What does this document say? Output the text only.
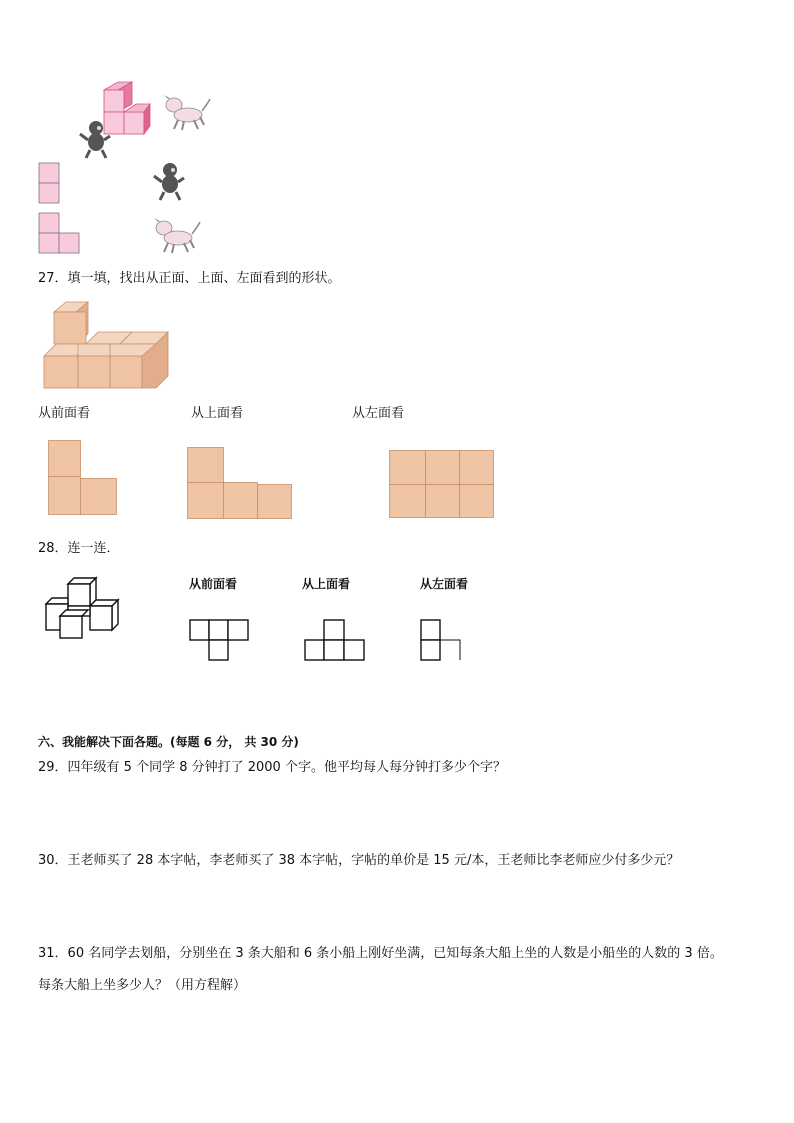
27．填一填，找出从正面、上面、左面看到的形状。
从前面看	从上面看	从左面看
28．连一连．
从前面看	从上面看	从左面看
六、我能解决下面各题。(每题 6 分， 共 30 分)
29．四年级有 5 个同学 8 分钟打了 2000 个字。他平均每人每分钟打多少个字？
30．王老师买了 28 本字帖，李老师买了 38 本字帖，字帖的单价是 15 元/本，王老师比李老师应少付多少元？
31．60 名同学去划船，分别坐在 3 条大船和 6 条小船上刚好坐满，已知每条大船上坐的人数是小船坐的人数的 3 倍。
每条大船上坐多少人？（用方程解）
